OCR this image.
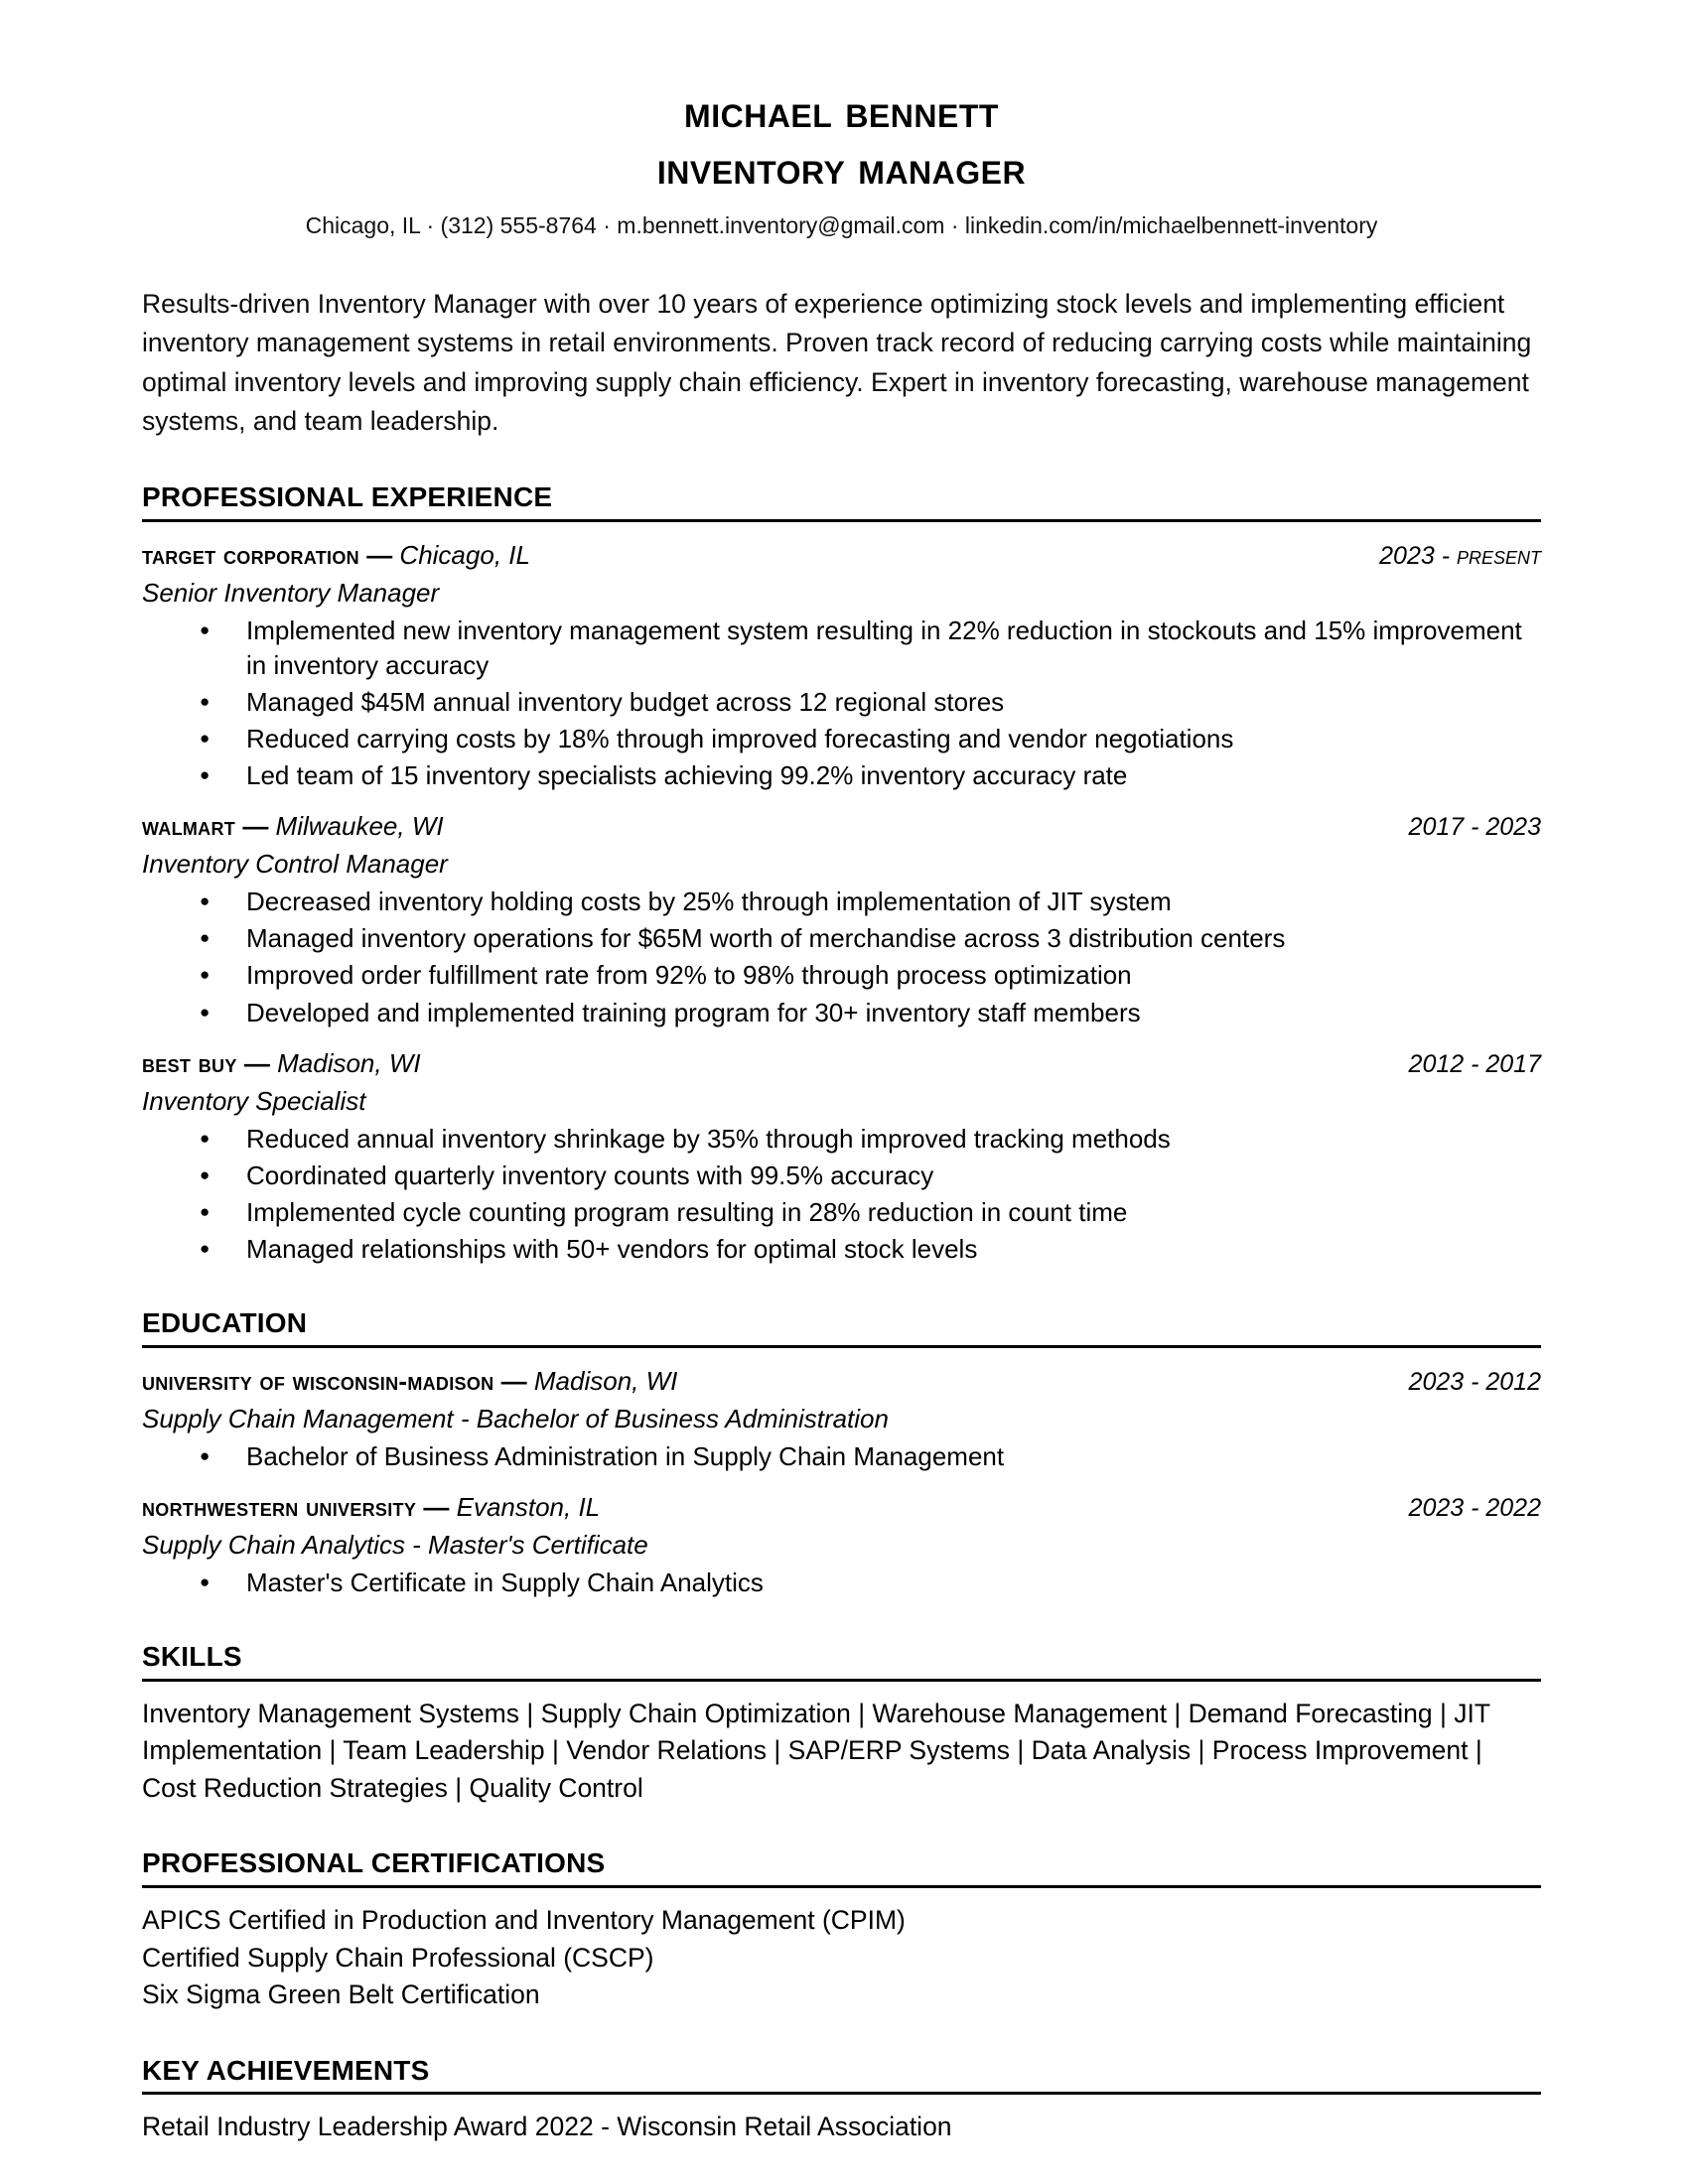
michael bennett
inventory manager
Chicago, IL · (312) 555-8764 · m.bennett.inventory@gmail.com · linkedin.com/in/michaelbennett-inventory
Results-driven Inventory Manager with over 10 years of experience optimizing stock levels and implementing efficient inventory management systems in retail environments. Proven track record of reducing carrying costs while maintaining optimal inventory levels and improving supply chain efficiency. Expert in inventory forecasting, warehouse management systems, and team leadership.
PROFESSIONAL EXPERIENCE
target corporation — Chicago, IL	2023 - present
Senior Inventory Manager
● Implemented new inventory management system resulting in 22% reduction in stockouts and 15% improvement in inventory accuracy
● Managed $45M annual inventory budget across 12 regional stores
● Reduced carrying costs by 18% through improved forecasting and vendor negotiations
● Led team of 15 inventory specialists achieving 99.2% inventory accuracy rate
walmart — Milwaukee, WI	2017 - 2023
Inventory Control Manager
● Decreased inventory holding costs by 25% through implementation of JIT system
● Managed inventory operations for $65M worth of merchandise across 3 distribution centers
● Improved order fulfillment rate from 92% to 98% through process optimization
● Developed and implemented training program for 30+ inventory staff members
best buy — Madison, WI	2012 - 2017
Inventory Specialist
● Reduced annual inventory shrinkage by 35% through improved tracking methods
● Coordinated quarterly inventory counts with 99.5% accuracy
● Implemented cycle counting program resulting in 28% reduction in count time
● Managed relationships with 50+ vendors for optimal stock levels
EDUCATION
university of wisconsin-madison — Madison, WI	2023 - 2012
Supply Chain Management - Bachelor of Business Administration
● Bachelor of Business Administration in Supply Chain Management
northwestern university — Evanston, IL	2023 - 2022
Supply Chain Analytics - Master's Certificate
● Master's Certificate in Supply Chain Analytics
SKILLS
Inventory Management Systems | Supply Chain Optimization | Warehouse Management | Demand Forecasting | JIT Implementation | Team Leadership | Vendor Relations | SAP/ERP Systems | Data Analysis | Process Improvement | Cost Reduction Strategies | Quality Control
PROFESSIONAL CERTIFICATIONS
APICS Certified in Production and Inventory Management (CPIM)
Certified Supply Chain Professional (CSCP)
Six Sigma Green Belt Certification
KEY ACHIEVEMENTS
Retail Industry Leadership Award 2022 - Wisconsin Retail Association
